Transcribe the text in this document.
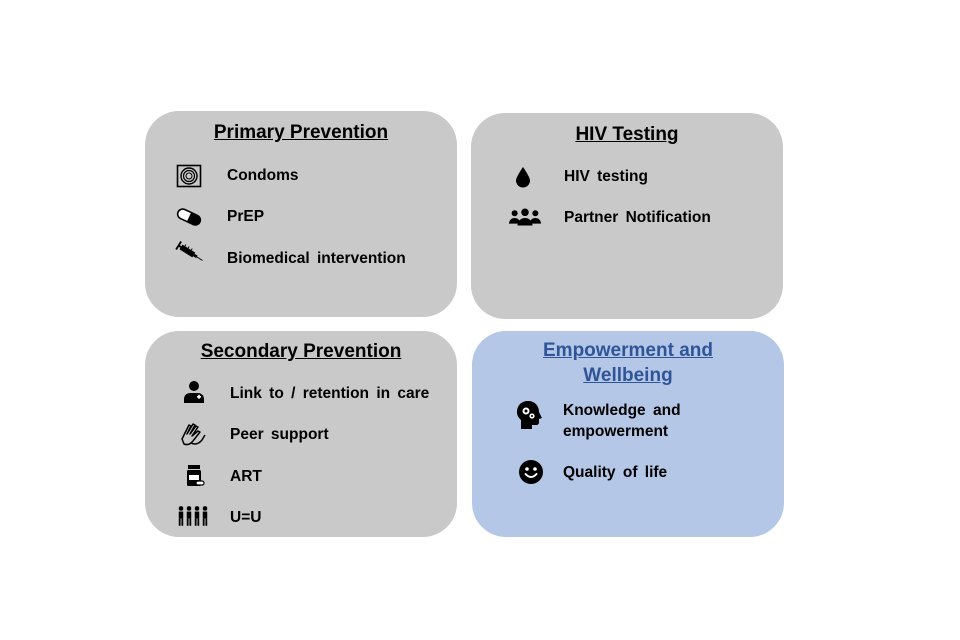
Primary Prevention
Condoms
PrEP
Biomedical intervention
HIV Testing
HIV testing
Partner Notification
Secondary Prevention
Link to / retention in care
Peer support
ART
U=U
Empowerment and
Wellbeing
Knowledge and
empowerment
Quality of life
